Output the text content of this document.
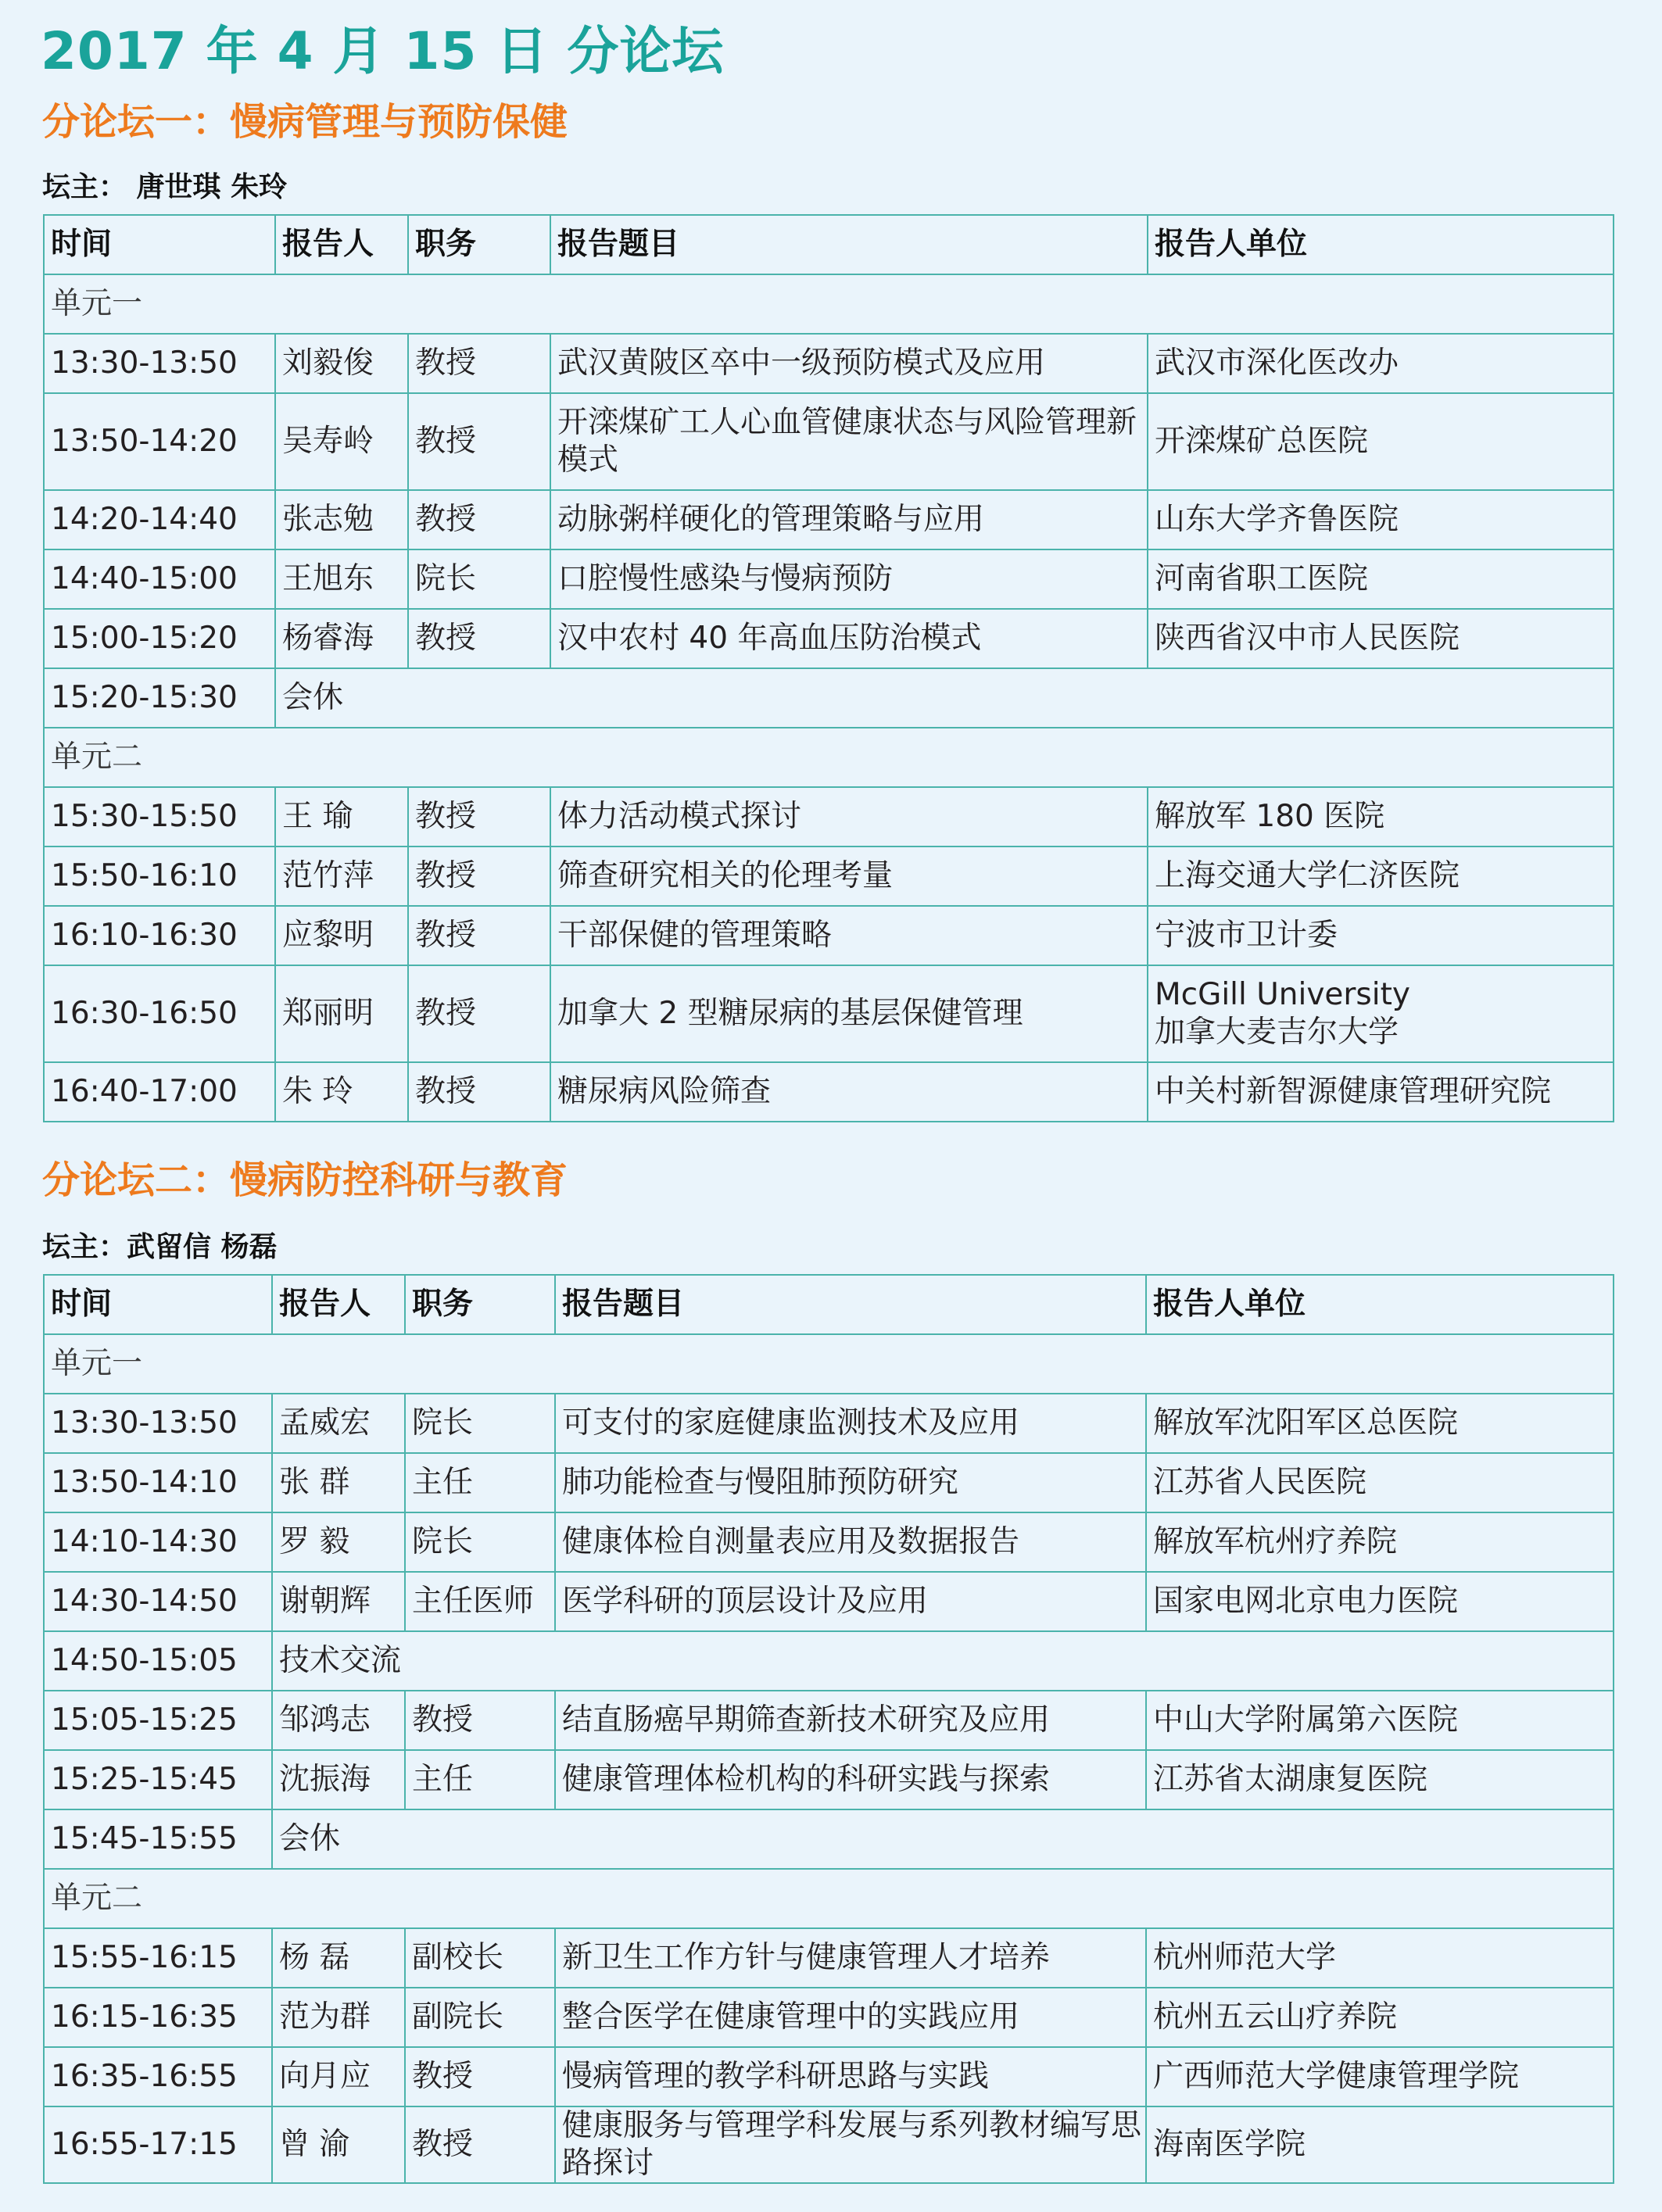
2017 年 4 月 15 日 分论坛
分论坛一：慢病管理与预防保健
坛主： 唐世琪 朱玲
时间	报告人	职务	报告题目	报告人单位
单元一				
13:30-13:50	刘毅俊	教授	武汉黄陂区卒中一级预防模式及应用	武汉市深化医改办

13:50-14:20	吴寿岭	教授	开滦煤矿工人心血管健康状态与风险管理新模式	开滦煤矿总医院

14:20-14:40	张志勉	教授	动脉粥样硬化的管理策略与应用	山东大学齐鲁医院

14:40-15:00	王旭东	院长	口腔慢性感染与慢病预防	河南省职工医院

15:00-15:20	杨睿海	教授	汉中农村 40 年高血压防治模式	陕西省汉中市人民医院

15:20-15:30	会休			
单元二				
15:30-15:50	王 瑜	教授	体力活动模式探讨	解放军 180 医院

15:50-16:10	范竹萍	教授	筛查研究相关的伦理考量	上海交通大学仁济医院

16:10-16:30	应黎明	教授	干部保健的管理策略	宁波市卫计委

16:30-16:50	郑丽明	教授	加拿大 2 型糖尿病的基层保健管理	McGill University
加拿大麦吉尔大学

16:40-17:00	朱 玲	教授	糖尿病风险筛查	中关村新智源健康管理研究院
分论坛二：慢病防控科研与教育
坛主：武留信 杨磊
时间	报告人	职务	报告题目	报告人单位
单元一				
13:30-13:50	孟威宏	院长	可支付的家庭健康监测技术及应用	解放军沈阳军区总医院

13:50-14:10	张 群	主任	肺功能检查与慢阻肺预防研究	江苏省人民医院

14:10-14:30	罗 毅	院长	健康体检自测量表应用及数据报告	解放军杭州疗养院

14:30-14:50	谢朝辉	主任医师	医学科研的顶层设计及应用	国家电网北京电力医院

14:50-15:05	技术交流			
15:05-15:25	邹鸿志	教授	结直肠癌早期筛查新技术研究及应用	中山大学附属第六医院

15:25-15:45	沈振海	主任	健康管理体检机构的科研实践与探索	江苏省太湖康复医院

15:45-15:55	会休			
单元二				
15:55-16:15	杨 磊	副校长	新卫生工作方针与健康管理人才培养	杭州师范大学

16:15-16:35	范为群	副院长	整合医学在健康管理中的实践应用	杭州五云山疗养院

16:35-16:55	向月应	教授	慢病管理的教学科研思路与实践	广西师范大学健康管理学院

16:55-17:15	曾 渝	教授	健康服务与管理学科发展与系列教材编写思路探讨	海南医学院
